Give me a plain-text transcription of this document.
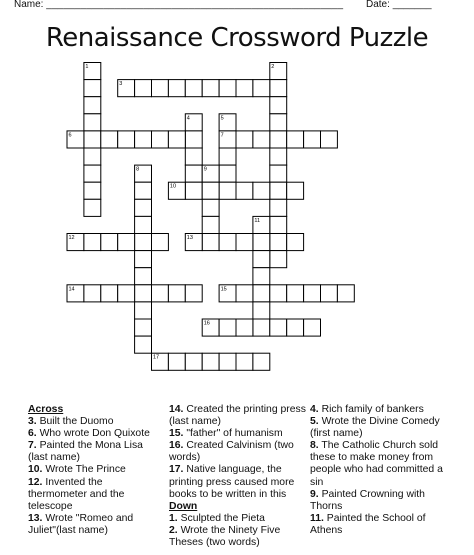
Name: ____________________________________________________ Date: _______
Renaissance Crossword Puzzle
1	2
3
4	5
6	7
8	9
10
11
12	13
14	15
16
17
Across
3. Built the Duomo
6. Who wrote Don Quixote
7. Painted the Mona Lisa (last name)
10. Wrote The Prince
12. Invented the thermometer and the telescope
13. Wrote "Romeo and Juliet"(last name)
14. Created the printing press (last name)
15. "father" of humanism
16. Created Calvinism (two words)
17. Native language, the printing press caused more books to be written in this
Down
1. Sculpted the Pieta
2. Wrote the Ninety Five Theses (two words)
4. Rich family of bankers
5. Wrote the Divine Comedy (first name)
8. The Catholic Church sold these to make money from people who had committed a sin
9. Painted Crowning with Thorns
11. Painted the School of Athens
